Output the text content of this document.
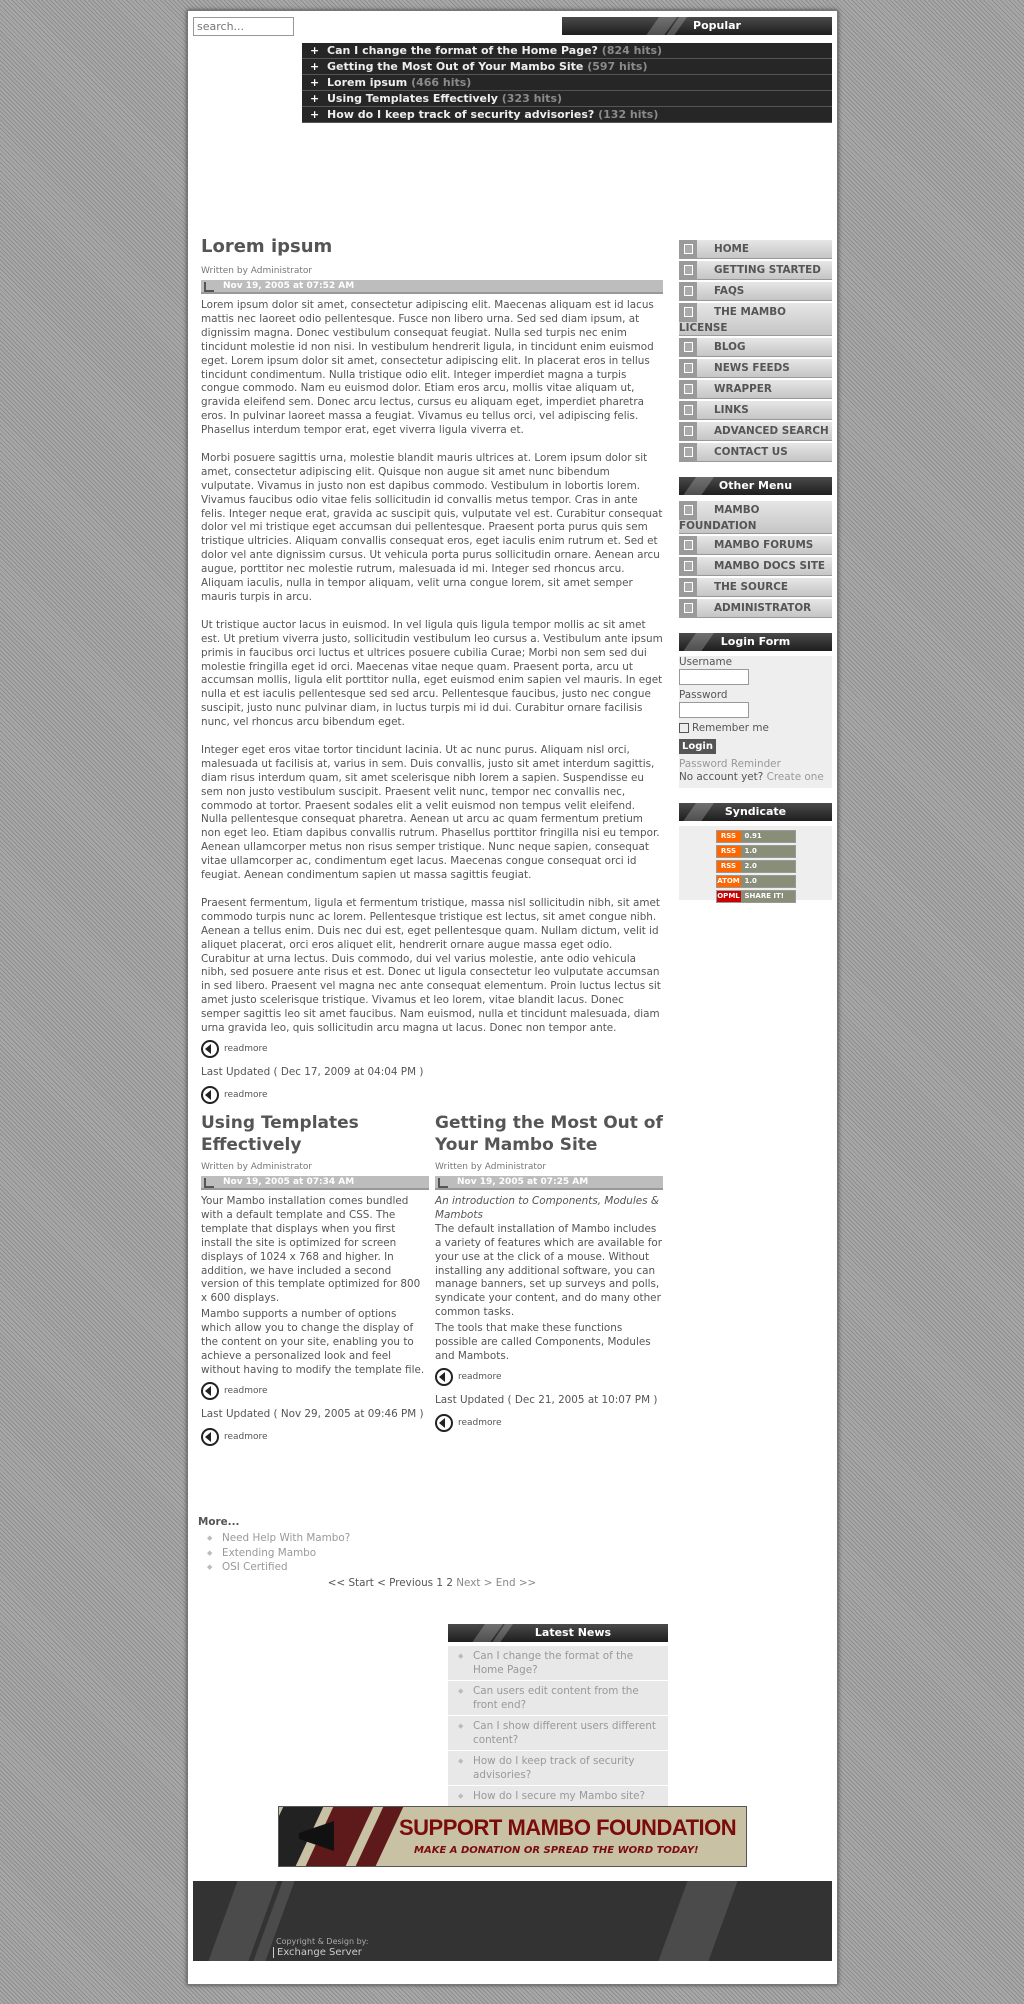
search...
Popular
+ Can I change the format of the Home Page? (824 hits)
+ Getting the Most Out of Your Mambo Site (597 hits)
+ Lorem ipsum (466 hits)
+ Using Templates Effectively (323 hits)
+ How do I keep track of security advisories? (132 hits)
Lorem ipsum
Written by Administrator
Nov 19, 2005 at 07:52 AM

Lorem ipsum dolor sit amet, consectetur adipiscing elit. Maecenas aliquam est id lacus mattis nec laoreet odio pellentesque. Fusce non libero urna. Sed sed diam ipsum, at dignissim magna. Donec vestibulum consequat feugiat. Nulla sed turpis nec enim tincidunt molestie id non nisi. In vestibulum hendrerit ligula, in tincidunt enim euismod eget. Lorem ipsum dolor sit amet, consectetur adipiscing elit. In placerat eros in tellus tincidunt condimentum. Nulla tristique odio elit. Integer imperdiet magna a turpis congue commodo. Nam eu euismod dolor. Etiam eros arcu, mollis vitae aliquam ut, gravida eleifend sem. Donec arcu lectus, cursus eu aliquam eget, imperdiet pharetra eros. In pulvinar laoreet massa a feugiat. Vivamus eu tellus orci, vel adipiscing felis. Phasellus interdum tempor erat, eget viverra ligula viverra et.

Morbi posuere sagittis urna, molestie blandit mauris ultrices at. Lorem ipsum dolor sit amet, consectetur adipiscing elit. Quisque non augue sit amet nunc bibendum vulputate. Vivamus in justo non est dapibus commodo. Vestibulum in lobortis lorem. Vivamus faucibus odio vitae felis sollicitudin id convallis metus tempor. Cras in ante felis. Integer neque erat, gravida ac suscipit quis, vulputate vel est. Curabitur consequat dolor vel mi tristique eget accumsan dui pellentesque. Praesent porta purus quis sem tristique ultricies. Aliquam convallis consequat eros, eget iaculis enim rutrum et. Sed et dolor vel ante dignissim cursus. Ut vehicula porta purus sollicitudin ornare. Aenean arcu augue, porttitor nec molestie rutrum, malesuada id mi. Integer sed rhoncus arcu. Aliquam iaculis, nulla in tempor aliquam, velit urna congue lorem, sit amet semper mauris turpis in arcu.

Ut tristique auctor lacus in euismod. In vel ligula quis ligula tempor mollis ac sit amet est. Ut pretium viverra justo, sollicitudin vestibulum leo cursus a. Vestibulum ante ipsum primis in faucibus orci luctus et ultrices posuere cubilia Curae; Morbi non sem sed dui molestie fringilla eget id orci. Maecenas vitae neque quam. Praesent porta, arcu ut accumsan mollis, ligula elit porttitor nulla, eget euismod enim sapien vel mauris. In eget nulla et est iaculis pellentesque sed sed arcu. Pellentesque faucibus, justo nec congue suscipit, justo nunc pulvinar diam, in luctus turpis mi id dui. Curabitur ornare facilisis nunc, vel rhoncus arcu bibendum eget.

Integer eget eros vitae tortor tincidunt lacinia. Ut ac nunc purus. Aliquam nisl orci, malesuada ut facilisis at, varius in sem. Duis convallis, justo sit amet interdum sagittis, diam risus interdum quam, sit amet scelerisque nibh lorem a sapien. Suspendisse eu sem non justo vestibulum suscipit. Praesent velit nunc, tempor nec convallis nec, commodo at tortor. Praesent sodales elit a velit euismod non tempus velit eleifend. Nulla pellentesque consequat pharetra. Aenean ut arcu ac quam fermentum pretium non eget leo. Etiam dapibus convallis rutrum. Phasellus porttitor fringilla nisi eu tempor. Aenean ullamcorper metus non risus semper tristique. Nunc neque sapien, consequat vitae ullamcorper ac, condimentum eget lacus. Maecenas congue consequat orci id feugiat. Aenean condimentum sapien ut massa sagittis feugiat.

Praesent fermentum, ligula et fermentum tristique, massa nisl sollicitudin nibh, sit amet commodo turpis nunc ac lorem. Pellentesque tristique est lectus, sit amet congue nibh. Aenean a tellus enim. Duis nec dui est, eget pellentesque quam. Nullam dictum, velit id aliquet placerat, orci eros aliquet elit, hendrerit ornare augue massa eget odio. Curabitur at urna lectus. Duis commodo, dui vel varius molestie, ante odio vehicula nibh, sed posuere ante risus et est. Donec ut ligula consectetur leo vulputate accumsan in sed libero. Praesent vel magna nec ante consequat elementum. Proin luctus lectus sit amet justo scelerisque tristique. Vivamus et leo lorem, vitae blandit lacus. Donec semper sagittis leo sit amet faucibus. Nam euismod, nulla et tincidunt malesuada, diam urna gravida leo, quis sollicitudin arcu magna ut lacus. Donec non tempor ante.

readmore
Last Updated ( Dec 17, 2009 at 04:04 PM )
readmore
Using Templates Effectively
Written by Administrator
Nov 19, 2005 at 07:34 AM

Your Mambo installation comes bundled with a default template and CSS. The template that displays when you first install the site is optimized for screen displays of 1024 x 768 and higher. In addition, we have included a second version of this template optimized for 800 x 600 displays.

Mambo supports a number of options which allow you to change the display of the content on your site, enabling you to achieve a personalized look and feel without having to modify the template file.

readmore
Last Updated ( Nov 29, 2005 at 09:46 PM )
readmore
Getting the Most Out of Your Mambo Site
Written by Administrator
Nov 19, 2005 at 07:25 AM

An introduction to Components, Modules & Mambots

The default installation of Mambo includes a variety of features which are available for your use at the click of a mouse. Without installing any additional software, you can manage banners, set up surveys and polls, syndicate your content, and do many other common tasks.

The tools that make these functions possible are called Components, Modules and Mambots.

readmore
Last Updated ( Dec 21, 2005 at 10:07 PM )
readmore
More...
◆ Need Help With Mambo?
◆ Extending Mambo
◆ OSI Certified
<< Start < Previous 1 2 Next > End >>
HOME
GETTING STARTED
FAQS
THE MAMBO
LICENSE
BLOG
NEWS FEEDS
WRAPPER
LINKS
ADVANCED SEARCH
CONTACT US
Other Menu
MAMBO
FOUNDATION
MAMBO FORUMS
MAMBO DOCS SITE
THE SOURCE
ADMINISTRATOR
Login Form
Username
Password
Remember me
Login
Password Reminder
No account yet? Create one
Syndicate
RSS	0.91
RSS	1.0
RSS	2.0
ATOM 1.0
OPML SHARE IT!
Latest News
◆ Can I change the format of the Home Page?
◆ Can users edit content from the front end?
◆ Can I show different users different content?
◆ How do I keep track of security advisories?
◆ How do I secure my Mambo site?
SUPPORT MAMBO FOUNDATION
MAKE A DONATION OR SPREAD THE WORD TODAY!
Copyright & Design by:
Exchange Server
